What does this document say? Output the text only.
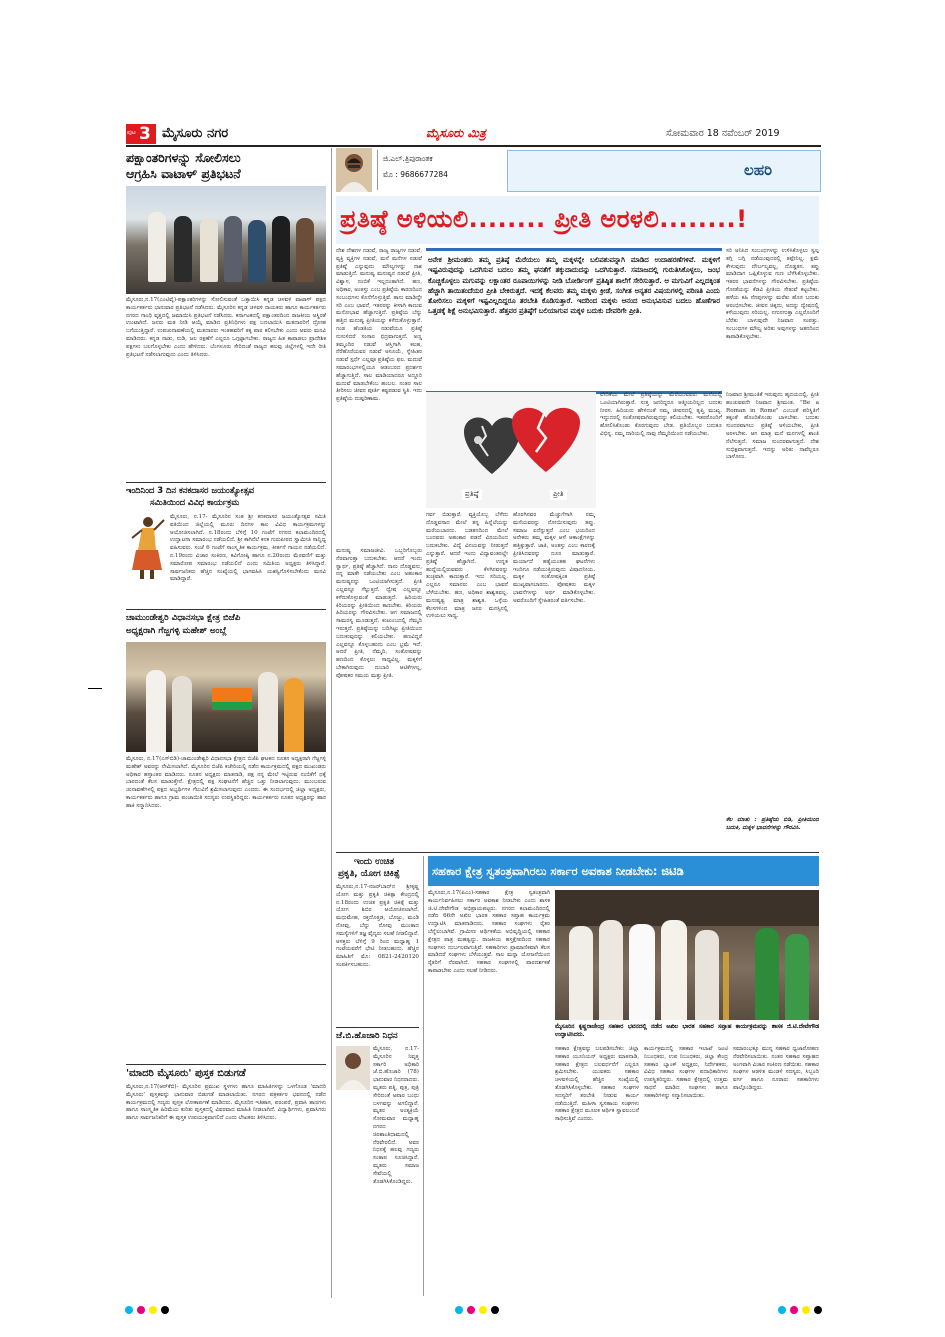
ಪುಟ 3 ಮೈಸೂರು ನಗರ	ಮೈಸೂರು ಮಿತ್ರ	ಸೋಮವಾರ 18 ನವೆಂಬರ್ 2019
ಪಕ್ಷಾಂತರಿಗಳನ್ನು ಸೋಲಿಸಲು
ಆಗ್ರಹಿಸಿ ವಾಟಾಳ್ ಪ್ರತಿಭಟನೆ
ಮೈಸೂರು,ನ.17(ಎಂಟಿವೈ)-ಪಕ್ಷಾಂತರಿಗಳನ್ನು ಸೋಲಿಸುವಂತೆ ಒತ್ತಾಯಿಸಿ ಕನ್ನಡ ಚಳವಳಿ ವಾಟಾಳ್ ಪಕ್ಷದ ಕಾರ್ಯಕರ್ತರು ಭಾನುವಾರ ಪ್ರತಿಭಟನೆ ನಡೆಸಿದರು. ಮೈಸೂರಿನ ಕನ್ನಡ ಚಳವಳಿ ನಾಯಕರು ಹಾಗೂ ಕಾರ್ಯಕರ್ತರು ನಗರದ ಗಾಂಧಿ ವೃತ್ತದಲ್ಲಿ ಜಮಾಯಿಸಿ ಪ್ರತಿಭಟನೆ ನಡೆಸಿದರು. ಕರ್ನಾಟಕದಲ್ಲಿ ಪಕ್ಷಾಂತರದಿಂದ ರಾಜಕೀಯ ಅಸ್ಥಿರತೆ ಉಂಟಾಗಿದೆ. ಜನರು ಮತ ನೀಡಿ ಆಯ್ಕೆ ಮಾಡಿದ ಪ್ರತಿನಿಧಿಗಳು ಪಕ್ಷ ಬದಲಾಯಿಸಿ ಮತದಾರರಿಗೆ ದ್ರೋಹ ಬಗೆಯುತ್ತಿದ್ದಾರೆ. ಉಪಚುನಾವಣೆಯಲ್ಲಿ ಮತದಾರರು ಇಂತಹವರಿಗೆ ತಕ್ಕ ಪಾಠ ಕಲಿಸಬೇಕು ಎಂದು ಅವರು ಮನವಿ ಮಾಡಿದರು. ಕನ್ನಡ ನಾಡು, ನುಡಿ, ಜಲ ರಕ್ಷಣೆಗೆ ಎಲ್ಲರೂ ಒಗ್ಗಟ್ಟಾಗಬೇಕು. ರಾಜ್ಯದ ಹಿತ ಕಾಪಾಡಲು ಪ್ರಾದೇಶಿಕ ಪಕ್ಷಗಳು ಬಲಗೊಳ್ಳಬೇಕು ಎಂದು ಹೇಳಿದರು. ಬೆಂಗಳೂರು ಸೇರಿದಂತೆ ರಾಜ್ಯದ ಹಲವು ಜಿಲ್ಲೆಗಳಲ್ಲಿ ಇದೇ ರೀತಿ ಪ್ರತಿಭಟನೆ ನಡೆಸಲಾಗುವುದು ಎಂದು ತಿಳಿಸಿದರು.
ಇಂದಿನಿಂದ 3 ದಿನ ಕನಕದಾಸರ ಜಯಂತ್ಯೋತ್ಸವ
ಸಮಿತಿಯಿಂದ ವಿವಿಧ ಕಾರ್ಯಕ್ರಮ
ಮೈಸೂರು, ನ.17- ಮೈಸೂರಿನ ಸಂತ ಶ್ರೀ ಕನಕದಾಸರ ಜಯಂತ್ಯೋತ್ಸವ ಸಮಿತಿ ವತಿಯಿಂದ ಜಿಲ್ಲೆಯಲ್ಲಿ ಮೂರು ದಿನಗಳ ಕಾಲ ವಿವಿಧ ಕಾರ್ಯಕ್ರಮಗಳನ್ನು ಆಯೋಜಿಸಲಾಗಿದೆ. ನ.18ರಂದು ಬೆಳಿಗ್ಗೆ 10 ಗಂಟೆಗೆ ನಗರದ ಕಲಾಮಂದಿರದಲ್ಲಿ ಉದ್ಘಾಟನಾ ಸಮಾರಂಭ ನಡೆಯಲಿದೆ. ಶ್ರೀ ಕಾಗಿನೆಲೆ ಕನಕ ಗುರುಪೀಠದ ಸ್ವಾಮೀಜಿ ಸಾನ್ನಿಧ್ಯ ವಹಿಸುವರು. ಸಂಜೆ 6 ಗಂಟೆಗೆ ಸಾಂಸ್ಕೃತಿಕ ಕಾರ್ಯಕ್ರಮ, ಕೀರ್ತನೆ ಗಾಯನ ನಡೆಯಲಿದೆ. ನ.19ರಂದು ವಿಚಾರ ಸಂಕಿರಣ, ಕವಿಗೋಷ್ಠಿ ಹಾಗೂ ನ.20ರಂದು ಮೆರವಣಿಗೆ ಮತ್ತು ಸಮಾರೋಪ ಸಮಾರಂಭ ನಡೆಯಲಿದೆ ಎಂದು ಸಮಿತಿಯ ಅಧ್ಯಕ್ಷರು ತಿಳಿಸಿದ್ದಾರೆ. ಸಾರ್ವಜನಿಕರು ಹೆಚ್ಚಿನ ಸಂಖ್ಯೆಯಲ್ಲಿ ಭಾಗವಹಿಸಿ ಯಶಸ್ವಿಗೊಳಿಸಬೇಕೆಂದು ಮನವಿ ಮಾಡಿದ್ದಾರೆ.
ಚಾಮುಂಡೇಶ್ವರಿ ವಿಧಾನಸಭಾ ಕ್ಷೇತ್ರ ಬಿಜೆಪಿ
ಅಧ್ಯಕ್ಷರಾಗಿ ಗೆಜ್ಜಗಳ್ಳಿ ಮಹೇಶ್ ಅಂಬ್ಲೆ
ಮೈಸೂರು, ನ.17(ಎಸ್‌ಬಿಡಿ)-ಚಾಮುಂಡೇಶ್ವರಿ ವಿಧಾನಸಭಾ ಕ್ಷೇತ್ರದ ಬಿಜೆಪಿ ಘಟಕದ ನೂತನ ಅಧ್ಯಕ್ಷರಾಗಿ ಗೆಜ್ಜಗಳ್ಳಿ ಮಹೇಶ್ ಅವರನ್ನು ನೇಮಿಸಲಾಗಿದೆ. ಮೈಸೂರಿನ ಬಿಜೆಪಿ ಕಚೇರಿಯಲ್ಲಿ ನಡೆದ ಕಾರ್ಯಕ್ರಮದಲ್ಲಿ ಪಕ್ಷದ ಮುಖಂಡರು ಅಧಿಕಾರ ಹಸ್ತಾಂತರ ಮಾಡಿದರು. ನೂತನ ಅಧ್ಯಕ್ಷರು ಮಾತನಾಡಿ, ಪಕ್ಷ ನನ್ನ ಮೇಲೆ ಇಟ್ಟಿರುವ ನಂಬಿಕೆಗೆ ಧಕ್ಕೆ ಬಾರದಂತೆ ಕೆಲಸ ಮಾಡುತ್ತೇನೆ. ಕ್ಷೇತ್ರದಲ್ಲಿ ಪಕ್ಷ ಸಂಘಟನೆಗೆ ಹೆಚ್ಚಿನ ಒತ್ತು ನೀಡಲಾಗುವುದು. ಮುಂಬರುವ ಚುನಾವಣೆಗಳಲ್ಲಿ ಪಕ್ಷದ ಅಭ್ಯರ್ಥಿಗಳ ಗೆಲುವಿಗೆ ಶ್ರಮಿಸಲಾಗುವುದು ಎಂದರು. ಈ ಸಂದರ್ಭದಲ್ಲಿ ಜಿಲ್ಲಾ ಅಧ್ಯಕ್ಷರು, ಕಾರ್ಯಕರ್ತರು ಹಾಗೂ ಗ್ರಾಮ ಪಂಚಾಯಿತಿ ಸದಸ್ಯರು ಉಪಸ್ಥಿತರಿದ್ದರು. ಕಾರ್ಯಕರ್ತರು ನೂತನ ಅಧ್ಯಕ್ಷರನ್ನು ಹಾರ ಹಾಕಿ ಸನ್ಮಾನಿಸಿದರು.
'ಮಾದರಿ ಮೈಸೂರು' ಪುಸ್ತಕ ಬಿಡುಗಡೆ
ಮೈಸೂರು,ನ.17(ಆರ್‌ಕೆಬಿ)- ಮೈಸೂರಿನ ಪ್ರಮುಖ ಸ್ಥಳಗಳು ಹಾಗೂ ಮಾಹಿತಿಗಳನ್ನು ಒಳಗೊಂಡ 'ಮಾದರಿ ಮೈಸೂರು' ಪುಸ್ತಕವನ್ನು ಭಾನುವಾರ ಬಿಡುಗಡೆ ಮಾಡಲಾಯಿತು. ನಗರದ ಪತ್ರಕರ್ತರ ಭವನದಲ್ಲಿ ನಡೆದ ಕಾರ್ಯಕ್ರಮದಲ್ಲಿ ಗಣ್ಯರು ಪುಸ್ತಕ ಲೋಕಾರ್ಪಣೆ ಮಾಡಿದರು. ಮೈಸೂರಿನ ಇತಿಹಾಸ, ಪರಂಪರೆ, ಪ್ರವಾಸಿ ತಾಣಗಳು ಹಾಗೂ ಸಾಂಸ್ಕೃತಿಕ ಹಿರಿಮೆಯ ಕುರಿತು ಪುಸ್ತಕದಲ್ಲಿ ವಿವರವಾದ ಮಾಹಿತಿ ನೀಡಲಾಗಿದೆ. ವಿದ್ಯಾರ್ಥಿಗಳು, ಪ್ರವಾಸಿಗರು ಹಾಗೂ ಸಾರ್ವಜನಿಕರಿಗೆ ಈ ಪುಸ್ತಕ ಉಪಯುಕ್ತವಾಗಲಿದೆ ಎಂದು ಲೇಖಕರು ತಿಳಿಸಿದರು.
ಜಿ.ಎಲ್.ತ್ರಿಪುರಾಂತಕ
ಮೊ : 9686677284	ಲಹರಿ
ಪ್ರತಿಷ್ಠೆ ಅಳಿಯಲಿ........ ಪ್ರೀತಿ ಅರಳಲಿ........!
ಅನೇಕ ಶ್ರೀಮಂತರು ತಮ್ಮ ಪ್ರತಿಷ್ಠೆ ಮೆರೆಯಲು ತಮ್ಮ ಮಕ್ಕಳನ್ನೇ ಬಲಿಪಶುವನ್ನಾಗಿ ಮಾಡಿದ ಉದಾಹರಣೆಗಳಿವೆ. ಮಕ್ಕಳಿಗೆ ಇಷ್ಟವಿರುವುದನ್ನು ಒದಗಿಸುವ ಬದಲು ತಮ್ಮ ಘನತೆಗೆ ತಕ್ಕುದಾದುದನ್ನು ಒದಗಿಸುತ್ತಾರೆ. ಸಮಾಜದಲ್ಲಿ ಗುರುತಿಸಿಕೊಳ್ಳಲು, ಜಂಭ ಕೊಚ್ಚಿಕೊಳ್ಳಲು ಮಗುವನ್ನು ಲಕ್ಷಾಂತರ ರೂಪಾಯಿಗಳನ್ನು ನೀಡಿ ಬೋರ್ಡಿಂಗ್ ಪ್ರತಿಷ್ಠಿತ ಶಾಲೆಗೆ ಸೇರಿಸುತ್ತಾರೆ. ಆ ಮಗುವಿಗೆ ಎಲ್ಲದಕ್ಕಿಂತ ಹೆಚ್ಚಾಗಿ ತಾಯಿತಂದೆಯರ ಪ್ರೀತಿ ಬೇಕಿರುತ್ತದೆ. ಇದಕ್ಕೆ ಕೆಲವರು ತಮ್ಮ ಮಕ್ಕಳು ಕ್ರೀಡೆ, ಸಂಗೀತ ಅನ್ಯತರ ವಿಷಯಗಳಲ್ಲಿ ಪರಿಣತಿ ಎಂದು ತೋರಿಸಲು ಮಕ್ಕಳಿಗೆ ಇಷ್ಟವಿಲ್ಲದಿದ್ದರೂ ತರಬೇತಿ ಕೊಡಿಸುತ್ತಾರೆ. ಇದರಿಂದ ಮಕ್ಕಳು ಆನಂದ ಅನುಭವಿಸುವ ಬದಲು ಹೊಣೆಗಾರ ಒತ್ತಡಕ್ಕೆ ಶಿಕ್ಷೆ ಅನುಭವಿಸುತ್ತಾರೆ. ಹೆತ್ತವರ ಪ್ರತಿಷ್ಠೆಗೆ ಬಲಿಯಾಗುವ ಮಕ್ಕಳ ಬದುಕು ದೇವರಿಗೇ ಪ್ರೀತಿ.
ದೇಶ ದೇಶಗಳ ನಡುವೆ, ರಾಜ್ಯ ರಾಜ್ಯಗಳ ನಡುವೆ, ವ್ಯಕ್ತಿ ವ್ಯಕ್ತಿಗಳ ನಡುವೆ, ಮನೆ ಮನೆಗಳ ನಡುವೆ ಪ್ರತಿಷ್ಠೆ ಎನ್ನುವುದು ಮೌಲ್ಯಗಳನ್ನು ನಾಶ ಮಾಡುತ್ತಿದೆ. ಮನುಷ್ಯ ಮನುಷ್ಯನ ನಡುವೆ ಪ್ರೀತಿ, ವಿಶ್ವಾಸ, ನಂಬಿಕೆ ಇಲ್ಲದಂತಾಗಿದೆ. ಹಣ, ಅಧಿಕಾರ, ಅಂತಸ್ತು ಎಂಬ ಪ್ರತಿಷ್ಠೆಯ ಕಾರಣದಿಂದ ಸಂಬಂಧಗಳು ಕೊನೆಗೊಳ್ಳುತ್ತಿವೆ. ತಾನು ಮಾಡಿದ್ದೇ ಸರಿ ಎಂಬ ಭಾವನೆ, ಇತರರನ್ನು ಕೀಳಾಗಿ ಕಾಣುವ ಮನೋಭಾವ ಹೆಚ್ಚಾಗುತ್ತಿದೆ. ಪ್ರತಿಷ್ಠೆಯ ಬೆನ್ನು ಹತ್ತಿದ ಮನುಷ್ಯ ಪ್ರೀತಿಯನ್ನು ಕಳೆದುಕೊಳ್ಳುತ್ತಾನೆ. ಗಂಡ ಹೆಂಡತಿಯ ನಡುವೆಯೂ ಪ್ರತಿಷ್ಠೆ ನುಸುಳಿದರೆ ಸಂಸಾರ ಛಿದ್ರವಾಗುತ್ತದೆ. ಅಣ್ಣ ತಮ್ಮಂದಿರ ನಡುವೆ ಆಸ್ತಿಗಾಗಿ ಕಲಹ, ನೆರೆಹೊರೆಯವರ ನಡುವೆ ಅಸೂಯೆ, ಸ್ನೇಹಿತರ ನಡುವೆ ಸ್ಪರ್ಧೆ ಎಲ್ಲವೂ ಪ್ರತಿಷ್ಠೆಯ ಫಲ. ಮದುವೆ ಸಮಾರಂಭಗಳಲ್ಲಿಯೂ ಆಡಂಬರದ ಪ್ರದರ್ಶನ ಹೆಚ್ಚಾಗುತ್ತಿದೆ. ಸಾಲ ಮಾಡಿಯಾದರೂ ಅದ್ದೂರಿ ಮದುವೆ ಮಾಡಬೇಕೆಂಬ ಹಂಬಲ. ನಂತರ ಸಾಲ ತೀರಿಸಲು ಜೀವನ ಪೂರ್ತಿ ಕಷ್ಟಪಡುವ ಸ್ಥಿತಿ. ಇದು ಪ್ರತಿಷ್ಠೆಯ ದುಷ್ಪರಿಣಾಮ.
ಮನುಷ್ಯ ಸಮಾಜಜೀವಿ. ಒಬ್ಬರಿಗೊಬ್ಬರು ನೆರವಾಗುತ್ತಾ ಬದುಕಬೇಕು. ಆದರೆ ಇಂದು ಸ್ವಾರ್ಥ, ಪ್ರತಿಷ್ಠೆ ಹೆಚ್ಚಾಗಿದೆ. ನಾನು ದೊಡ್ಡವನು, ನನ್ನ ಮಾತೇ ನಡೆಯಬೇಕು ಎಂಬ ಅಹಂಕಾರ ಮನುಷ್ಯನನ್ನು ಒಂಟಿಯಾಗಿಸುತ್ತದೆ. ಪ್ರೀತಿ ಎಲ್ಲವನ್ನೂ ಗೆಲ್ಲುತ್ತದೆ. ದ್ವೇಷ ಎಲ್ಲವನ್ನೂ ಕಳೆದುಕೊಳ್ಳುವಂತೆ ಮಾಡುತ್ತದೆ. ಹಿರಿಯರು ಕಿರಿಯರನ್ನು ಪ್ರೀತಿಯಿಂದ ಕಾಣಬೇಕು. ಕಿರಿಯರು ಹಿರಿಯರನ್ನು ಗೌರವಿಸಬೇಕು. ಆಗ ಸಮಾಜದಲ್ಲಿ ಸಾಮರಸ್ಯ ಮೂಡುತ್ತದೆ. ಕುಟುಂಬದಲ್ಲಿ ನೆಮ್ಮದಿ ಇರುತ್ತದೆ. ಪ್ರತಿಷ್ಠೆಯನ್ನು ಬದಿಗಿಟ್ಟು ಪ್ರೀತಿಯಿಂದ ಬದುಕುವುದನ್ನು ಕಲಿಯಬೇಕು. ಹಣವಿದ್ದರೆ ಎಲ್ಲವನ್ನೂ ಕೊಳ್ಳಬಹುದು ಎಂಬ ಭ್ರಮೆ ಇದೆ. ಆದರೆ ಪ್ರೀತಿ, ನೆಮ್ಮದಿ, ಸಂತೋಷವನ್ನು ಹಣದಿಂದ ಕೊಳ್ಳಲು ಸಾಧ್ಯವಿಲ್ಲ. ಮಕ್ಕಳಿಗೆ ಬೇಕಾಗಿರುವುದು ದುಬಾರಿ ಆಟಿಕೆಗಳಲ್ಲ, ಪೋಷಕರ ಸಮಯ ಮತ್ತು ಪ್ರೀತಿ.
ಸರಿ ಅನಿಸಿದ ಸಂಬಂಧಗಳನ್ನು ಉಳಿಸಿಕೊಳ್ಳಲು ಸ್ವಲ್ಪ ತಗ್ಗಿ ಬಗ್ಗಿ ನಡೆಯುವುದರಲ್ಲಿ ತಪ್ಪೇನಿಲ್ಲ. ಕ್ಷಮೆ ಕೇಳುವುದು ದೌರ್ಬಲ್ಯವಲ್ಲ, ದೊಡ್ಡತನ. ತಪ್ಪು ಮಾಡಿದಾಗ ಒಪ್ಪಿಕೊಳ್ಳುವ ಗುಣ ಬೆಳೆಸಿಕೊಳ್ಳಬೇಕು. ಇತರರ ಭಾವನೆಗಳನ್ನು ಗೌರವಿಸಬೇಕು. ಪ್ರತಿಷ್ಠೆಯ ಗೋಡೆಯನ್ನು ಕೆಡವಿ ಪ್ರೀತಿಯ ಸೇತುವೆ ಕಟ್ಟಬೇಕು. ಹಳೆಯ ಕಹಿ ನೆನಪುಗಳನ್ನು ಮರೆತು ಹೊಸ ಬದುಕು ಆರಂಭಿಸಬೇಕು. ಜೀವನ ಚಿಕ್ಕದು, ಅದನ್ನು ದ್ವೇಷದಲ್ಲಿ ಕಳೆಯುವುದು ಸರಿಯಲ್ಲ. ನಗುನಗುತ್ತಾ ಎಲ್ಲರೊಂದಿಗೆ ಬೆರೆತು ಬಾಳುವುದೇ ನಿಜವಾದ ಸಂಪತ್ತು. ಸಂಬಂಧಗಳ ಮೌಲ್ಯ ಅರಿತು ಅವುಗಳನ್ನು ಜತನದಿಂದ ಕಾಪಾಡಿಕೊಳ್ಳಬೇಕು.
ಪ್ರತಿಷ್ಠೆ	ಪ್ರೀತಿ
ಗರ್ವ ಬಿಡುತ್ತಾರೆ. ವ್ಯಕ್ತಿಯೊಬ್ಬ ಬೆಳೆದು ದೊಡ್ಡವನಾದ ಮೇಲೆ ತನ್ನ ಹಿನ್ನೆಲೆಯನ್ನು ಮರೆಯಬಾರದು. ಬಡತನದಿಂದ ಮೇಲೆ ಬಂದವರು ಅಹಂಕಾರ ಪಡದೆ ವಿನಯದಿಂದ ಬದುಕಬೇಕು. ವಿದ್ಯೆ ವಿನಯವನ್ನು ನೀಡುತ್ತದೆ ಎನ್ನುತ್ತಾರೆ. ಆದರೆ ಇಂದು ವಿದ್ಯಾವಂತರಲ್ಲೇ ಪ್ರತಿಷ್ಠೆ ಹೆಚ್ಚಾಗಿದೆ. ಉನ್ನತ ಹುದ್ದೆಯಲ್ಲಿರುವವರು ಕೆಳಗಿನವರನ್ನು ತುಚ್ಛವಾಗಿ ಕಾಣುತ್ತಾರೆ. ಇದು ಸರಿಯಲ್ಲ. ಎಲ್ಲರೂ ಸಮಾನರು ಎಂಬ ಭಾವನೆ ಬೆಳೆಯಬೇಕು. ಹಣ, ಅಧಿಕಾರ ಶಾಶ್ವತವಲ್ಲ. ಮನುಷ್ಯತ್ವ ಮಾತ್ರ ಶಾಶ್ವತ. ಒಳ್ಳೆಯ ಕೆಲಸಗಳಿಂದ ಮಾತ್ರ ಜನರ ಮನಸ್ಸಿನಲ್ಲಿ ಉಳಿಯಲು ಸಾಧ್ಯ.
ಹೊರಗಿನವರ ಮೆಚ್ಚುಗೆಗಾಗಿ ನಮ್ಮ ಮನೆಯವರನ್ನು ನೋಯಿಸುವುದು ತಪ್ಪು. ಸಮಾಜ ಏನೆನ್ನುತ್ತದೆ ಎಂಬ ಭಯದಿಂದ ಅನೇಕರು ತಮ್ಮ ಮಕ್ಕಳ ಆಸೆ ಆಕಾಂಕ್ಷೆಗಳನ್ನು ಹತ್ತಿಕ್ಕುತ್ತಾರೆ. ಜಾತಿ, ಅಂತಸ್ತು ಎಂಬ ಕಾರಣಕ್ಕೆ ಪ್ರೀತಿಸಿದವರನ್ನು ದೂರ ಮಾಡುತ್ತಾರೆ. ಮರ್ಯಾದೆ ಹತ್ಯೆಯಂತಹ ಘಟನೆಗಳು ಇಂದಿಗೂ ನಡೆಯುತ್ತಿರುವುದು ವಿಷಾದನೀಯ. ಮಕ್ಕಳ ಸಂತೋಷಕ್ಕಿಂತ ಪ್ರತಿಷ್ಠೆ ಮುಖ್ಯವಾಗಬಾರದು. ಪೋಷಕರು ಮಕ್ಕಳ ಭಾವನೆಗಳನ್ನು ಅರ್ಥ ಮಾಡಿಕೊಳ್ಳಬೇಕು. ಅವರೊಂದಿಗೆ ಸ್ನೇಹಿತರಂತೆ ವರ್ತಿಸಬೇಕು.
ವೇದಿಕೆಯ ಮೇಲೆ ಪ್ರತಿಷ್ಠೆಯನ್ನು ಮೆರೆಯುವವರು ಮನೆಯಲ್ಲಿ ಒಂಟಿಯಾಗಿರುತ್ತಾರೆ. ಸುತ್ತ ಜನರಿದ್ದರೂ ಆತ್ಮೀಯರಿಲ್ಲದ ಬದುಕು ನೀರಸ. ಹಿರಿಯರು ಹೇಳಿದಂತೆ ನಮ್ಮ ಜೀವನದಲ್ಲಿ ತೃಪ್ತಿ ಮುಖ್ಯ. ಇದ್ದುದರಲ್ಲಿ ಸಂತೋಷವಾಗಿರುವುದನ್ನು ಕಲಿಯಬೇಕು. ಇತರರೊಂದಿಗೆ ಹೋಲಿಸಿಕೊಂಡು ಕೊರಗುವುದು ಬೇಡ. ಪ್ರತಿಯೊಬ್ಬರ ಬದುಕೂ ವಿಭಿನ್ನ. ನಮ್ಮ ದಾರಿಯಲ್ಲಿ ನಾವು ನೆಮ್ಮದಿಯಿಂದ ನಡೆಯಬೇಕು.
ನಿಜವಾದ ಶ್ರೀಮಂತಿಕೆ ಇರುವುದು ಹೃದಯದಲ್ಲಿ. ಪ್ರೀತಿ ಹಂಚುವವನೇ ನಿಜವಾದ ಶ್ರೀಮಂತ. "Be a Roman in Rome" ಎಂಬಂತೆ ಪರಿಸ್ಥಿತಿಗೆ ತಕ್ಕಂತೆ ಹೊಂದಿಕೊಂಡು ಬಾಳಬೇಕು. ಬದುಕು ಸುಂದರವಾಗಲು ಪ್ರತಿಷ್ಠೆ ಅಳಿಯಬೇಕು, ಪ್ರೀತಿ ಅರಳಬೇಕು. ಆಗ ಮಾತ್ರ ಮನೆ ಮನಗಳಲ್ಲಿ ಶಾಂತಿ ನೆಲೆಸುತ್ತದೆ. ಸಮಾಜ ಸುಂದರವಾಗುತ್ತದೆ. ದೇಶ ಸುಭಿಕ್ಷವಾಗುತ್ತದೆ. ಇದನ್ನು ಅರಿತು ನಾವೆಲ್ಲರೂ ಬಾಳೋಣ.
ಕೆಲ ಮಾತು : ಪ್ರತಿಷ್ಠೆಯ ಬಿಡಿ, ಪ್ರೀತಿಯಿಂದ ಬದುಕಿ, ಮಕ್ಕಳ ಭಾವನೆಗಳನ್ನು ಗೌರವಿಸಿ.
ಇಂದು ಉಚಿತ
ಪ್ರಕೃತಿ, ಯೋಗ ಚಿಕಿತ್ಸೆ
ಮೈಸೂರು,ನ.17-ನಜರ್‌ಬಾದ್‌ನ ಶ್ರೀಕೃಷ್ಣ ಯೋಗ ಮತ್ತು ಪ್ರಕೃತಿ ಚಿಕಿತ್ಸಾ ಕೇಂದ್ರದಲ್ಲಿ ನ.18ರಂದು ಉಚಿತ ಪ್ರಕೃತಿ ಚಿಕಿತ್ಸೆ ಮತ್ತು ಯೋಗ ಶಿಬಿರ ಆಯೋಜಿಸಲಾಗಿದೆ. ಮಧುಮೇಹ, ರಕ್ತದೊತ್ತಡ, ಬೊಜ್ಜು, ಮಂಡಿ ನೋವು, ಬೆನ್ನು ನೋವು ಮುಂತಾದ ಸಮಸ್ಯೆಗಳಿಗೆ ತಜ್ಞ ವೈದ್ಯರು ಸಲಹೆ ನೀಡಲಿದ್ದಾರೆ. ಆಸಕ್ತರು ಬೆಳಿಗ್ಗೆ 9 ರಿಂದ ಮಧ್ಯಾಹ್ನ 1 ಗಂಟೆಯವರೆಗೆ ಭೇಟಿ ನೀಡಬಹುದು. ಹೆಚ್ಚಿನ ಮಾಹಿತಿಗೆ ಮೊ: 0821-2420120 ಸಂಪರ್ಕಿಸಬಹುದು.
ಜೆ.ಬಿ.ಹೊಜಾರಿ ನಿಧನ
ಮೈಸೂರು, ನ.17- ಮೈಸೂರಿನ ನಿವೃತ್ತ ಸರ್ಕಾರಿ ಅಧಿಕಾರಿ ಜೆ.ಬಿ.ಹೊಜಾರಿ (78) ಭಾನುವಾರ ನಿಧನರಾದರು. ಮೃತರು ಪತ್ನಿ, ಪುತ್ರ, ಪುತ್ರಿ ಸೇರಿದಂತೆ ಅಪಾರ ಬಂಧು ಬಳಗವನ್ನು ಅಗಲಿದ್ದಾರೆ. ಮೃತರ ಅಂತ್ಯಕ್ರಿಯೆ ಸೋಮವಾರ ಮಧ್ಯಾಹ್ನ ನಗರದ ಚಿರಶಾಂತಿಧಾಮದಲ್ಲಿ ನೆರವೇರಲಿದೆ. ಅವರ ನಿಧನಕ್ಕೆ ಹಲವು ಗಣ್ಯರು ಸಂತಾಪ ಸೂಚಿಸಿದ್ದಾರೆ. ಮೃತರು ಸಮಾಜ ಸೇವೆಯಲ್ಲಿ ತೊಡಗಿಸಿಕೊಂಡಿದ್ದರು.
ಸಹಕಾರ ಕ್ಷೇತ್ರ ಸ್ವತಂತ್ರವಾಗಿರಲು ಸರ್ಕಾರ ಅವಕಾಶ ನೀಡಬೇಕು: ಜಿಟಿಡಿ
ಮೈಸೂರು,ನ.17(ಪಿಎಂ)-ಸಹಕಾರ ಕ್ಷೇತ್ರ ಸ್ವತಂತ್ರವಾಗಿ ಕಾರ್ಯನಿರ್ವಹಿಸಲು ಸರ್ಕಾರ ಅವಕಾಶ ನೀಡಬೇಕು ಎಂದು ಶಾಸಕ ಜಿ.ಟಿ.ದೇವೇಗೌಡ ಅಭಿಪ್ರಾಯಪಟ್ಟರು. ನಗರದ ಕಲಾಮಂದಿರದಲ್ಲಿ ನಡೆದ 66ನೇ ಅಖಿಲ ಭಾರತ ಸಹಕಾರ ಸಪ್ತಾಹ ಕಾರ್ಯಕ್ರಮ ಉದ್ಘಾಟಿಸಿ ಮಾತನಾಡಿದರು. ಸಹಕಾರ ಸಂಘಗಳು ರೈತರ ಬೆನ್ನೆಲುಬಾಗಿವೆ. ಗ್ರಾಮೀಣ ಆರ್ಥಿಕತೆಯ ಅಭಿವೃದ್ಧಿಯಲ್ಲಿ ಸಹಕಾರ ಕ್ಷೇತ್ರದ ಪಾತ್ರ ಮಹತ್ವದ್ದು. ರಾಜಕೀಯ ಹಸ್ತಕ್ಷೇಪದಿಂದ ಸಹಕಾರ ಸಂಘಗಳು ದುರ್ಬಲವಾಗುತ್ತಿವೆ. ಸಹಕಾರಿಗಳು ಪ್ರಾಮಾಣಿಕವಾಗಿ ಕೆಲಸ ಮಾಡಿದರೆ ಸಂಘಗಳು ಬೆಳೆಯುತ್ತವೆ. ಸಾಲ ಮನ್ನಾ ಯೋಜನೆಯಿಂದ ರೈತರಿಗೆ ನೆರವಾಗಿದೆ. ಸಹಕಾರ ಸಂಘಗಳಲ್ಲಿ ಪಾರದರ್ಶಕತೆ ಕಾಪಾಡಬೇಕು ಎಂದು ಸಲಹೆ ನೀಡಿದರು.
ಮೈಸೂರಿನ ಕೃಷ್ಣರಾಜೇಂದ್ರ ಸಹಕಾರ ಭವನದಲ್ಲಿ ನಡೆದ ಅಖಿಲ ಭಾರತ ಸಹಕಾರ ಸಪ್ತಾಹ ಕಾರ್ಯಕ್ರಮವನ್ನು ಶಾಸಕ ಜಿ.ಟಿ.ದೇವೇಗೌಡ ಉದ್ಘಾಟಿಸಿದರು.
ಸಹಕಾರ ಕ್ಷೇತ್ರವನ್ನು ಬಲಪಡಿಸಬೇಕು: ಜಿಲ್ಲಾ ಸಹಕಾರ ಯೂನಿಯನ್ ಅಧ್ಯಕ್ಷರು ಮಾತನಾಡಿ, ಸಹಕಾರ ಕ್ಷೇತ್ರದ ಬಲವರ್ಧನೆಗೆ ಎಲ್ಲರೂ ಶ್ರಮಿಸಬೇಕು. ಯುವಕರು ಸಹಕಾರ ಚಳವಳಿಯಲ್ಲಿ ಹೆಚ್ಚಿನ ಸಂಖ್ಯೆಯಲ್ಲಿ ತೊಡಗಿಸಿಕೊಳ್ಳಬೇಕು. ಸಹಕಾರ ಸಂಘಗಳ ಸದಸ್ಯರಿಗೆ ತರಬೇತಿ ನೀಡುವ ಕಾರ್ಯ ನಡೆಯುತ್ತಿದೆ. ಮಹಿಳಾ ಸ್ವಸಹಾಯ ಸಂಘಗಳು ಸಹಕಾರ ಕ್ಷೇತ್ರದ ಮೂಲಕ ಆರ್ಥಿಕ ಸ್ವಾವಲಂಬನೆ ಸಾಧಿಸುತ್ತಿವೆ ಎಂದರು.
ಕಾರ್ಯಕ್ರಮದಲ್ಲಿ ಸಹಕಾರ ಇಲಾಖೆ ಜಂಟಿ ನಿಬಂಧಕರು, ಉಪ ನಿಬಂಧಕರು, ಜಿಲ್ಲಾ ಕೇಂದ್ರ ಸಹಕಾರ ಬ್ಯಾಂಕ್ ಅಧ್ಯಕ್ಷರು, ನಿರ್ದೇಶಕರು, ವಿವಿಧ ಸಹಕಾರ ಸಂಘಗಳ ಪದಾಧಿಕಾರಿಗಳು ಉಪಸ್ಥಿತರಿದ್ದರು. ಸಹಕಾರ ಕ್ಷೇತ್ರದಲ್ಲಿ ಉತ್ತಮ ಸಾಧನೆ ಮಾಡಿದ ಸಂಘಗಳು ಹಾಗೂ ಸಹಕಾರಿಗಳನ್ನು ಸನ್ಮಾನಿಸಲಾಯಿತು.
ಸಮಾರಂಭಕ್ಕೂ ಮುನ್ನ ಸಹಕಾರ ಧ್ವಜಾರೋಹಣ ನೆರವೇರಿಸಲಾಯಿತು. ನಂತರ ಸಹಕಾರ ಸಪ್ತಾಹದ ಅಂಗವಾಗಿ ವಿಚಾರ ಸಂಕಿರಣ ನಡೆಯಿತು. ಸಹಕಾರ ಸಂಘಗಳ ಆಡಳಿತ ಮಂಡಳಿ ಸದಸ್ಯರು, ಸಿಬ್ಬಂದಿ ವರ್ಗ ಹಾಗೂ ನೂರಾರು ಸಹಕಾರಿಗಳು ಪಾಲ್ಗೊಂಡಿದ್ದರು.
